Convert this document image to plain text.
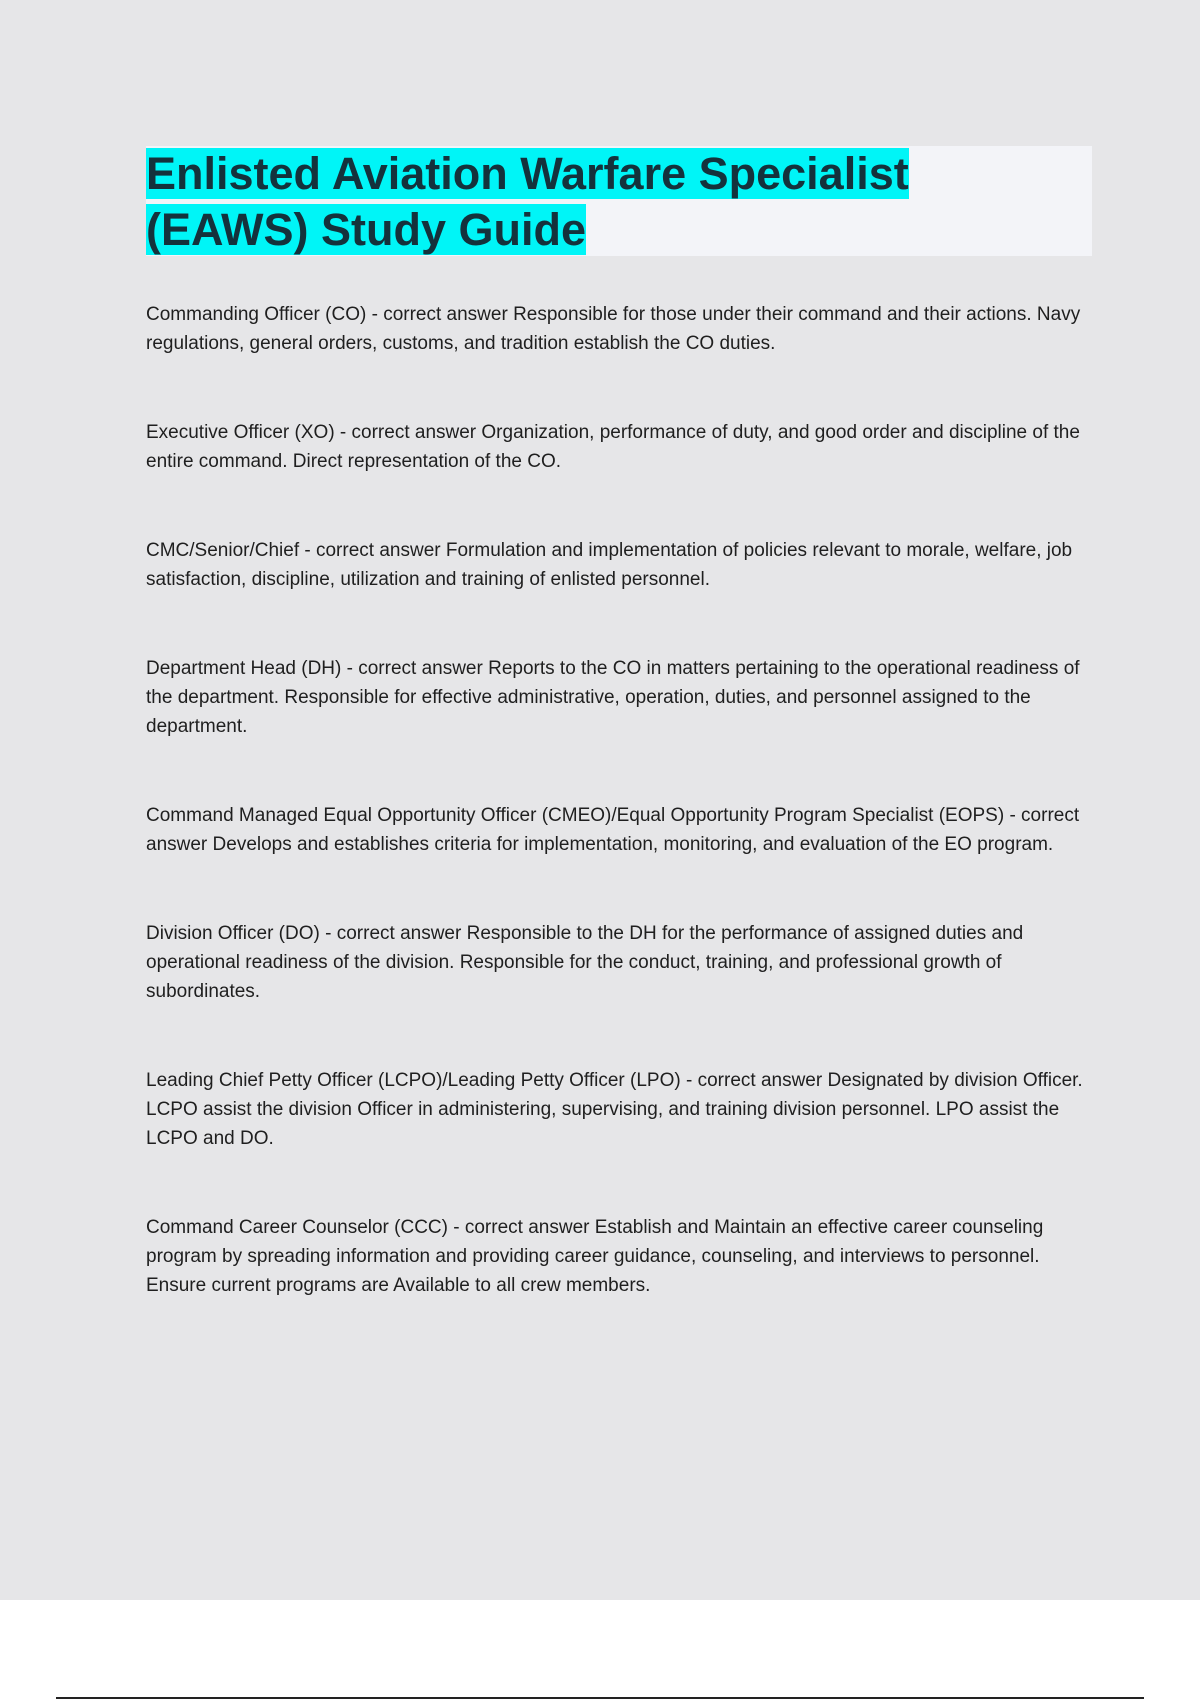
Enlisted Aviation Warfare Specialist
(EAWS) Study Guide

Commanding Officer (CO) - correct answer Responsible for those under their command and their actions. Navy regulations, general orders, customs, and tradition establish the CO duties.

Executive Officer (XO) - correct answer Organization, performance of duty, and good order and discipline of the entire command. Direct representation of the CO.

CMC/Senior/Chief - correct answer Formulation and implementation of policies relevant to morale, welfare, job satisfaction, discipline, utilization and training of enlisted personnel.

Department Head (DH) - correct answer Reports to the CO in matters pertaining to the operational readiness of the department. Responsible for effective administrative, operation, duties, and personnel assigned to the department.

Command Managed Equal Opportunity Officer (CMEO)/Equal Opportunity Program Specialist (EOPS) - correct answer Develops and establishes criteria for implementation, monitoring, and evaluation of the EO program.

Division Officer (DO) - correct answer Responsible to the DH for the performance of assigned duties and operational readiness of the division. Responsible for the conduct, training, and professional growth of subordinates.

Leading Chief Petty Officer (LCPO)/Leading Petty Officer (LPO) - correct answer Designated by division Officer. LCPO assist the division Officer in administering, supervising, and training division personnel. LPO assist the LCPO and DO.

Command Career Counselor (CCC) - correct answer Establish and Maintain an effective career counseling program by spreading information and providing career guidance, counseling, and interviews to personnel. Ensure current programs are Available to all crew members.
